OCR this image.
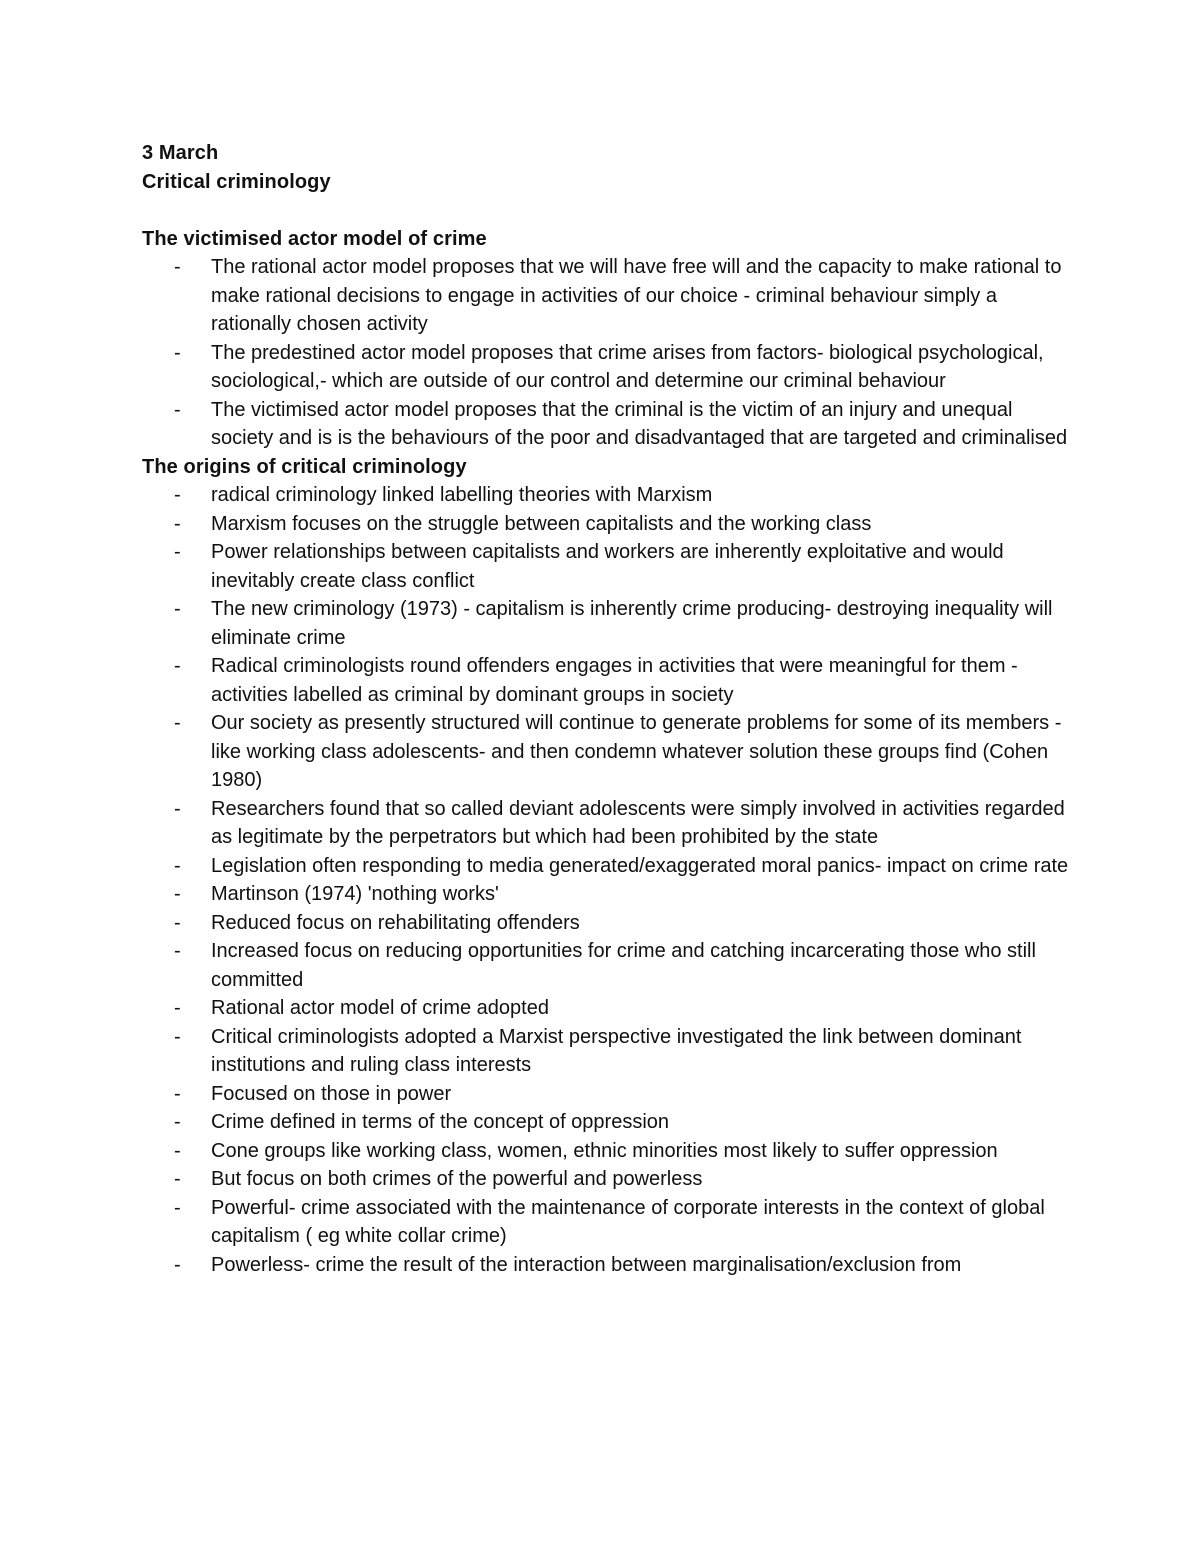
3 March

Critical criminology

The victimised actor model of crime

- The rational actor model proposes that we will have free will and the capacity to make rational to make rational decisions to engage in activities of our choice - criminal behaviour simply a rationally chosen activity
- The predestined actor model proposes that crime arises from factors- biological psychological, sociological,- which are outside of our control and determine our criminal behaviour
- The victimised actor model proposes that the criminal is the victim of an injury and unequal society and is is the behaviours of the poor and disadvantaged that are targeted and criminalised

The origins of critical criminology

- radical criminology linked labelling theories with Marxism
- Marxism focuses on the struggle between capitalists and the working class
- Power relationships between capitalists and workers are inherently exploitative and would inevitably create class conflict
- The new criminology (1973) - capitalism is inherently crime producing- destroying inequality will eliminate crime
- Radical criminologists round offenders engages in activities that were meaningful for them - activities labelled as criminal by dominant groups in society
- Our society as presently structured will continue to generate problems for some of its members - like working class adolescents- and then condemn whatever solution these groups find (Cohen 1980)
- Researchers found that so called deviant adolescents were simply involved in activities regarded as legitimate by the perpetrators but which had been prohibited by the state
- Legislation often responding to media generated/exaggerated moral panics- impact on crime rate
- Martinson (1974) 'nothing works'
- Reduced focus on rehabilitating offenders
- Increased focus on reducing opportunities for crime and catching incarcerating those who still committed
- Rational actor model of crime adopted
- Critical criminologists adopted a Marxist perspective investigated the link between dominant institutions and ruling class interests
- Focused on those in power
- Crime defined in terms of the concept of oppression
- Cone groups like working class, women, ethnic minorities most likely to suffer oppression
- But focus on both crimes of the powerful and powerless
- Powerful- crime associated with the maintenance of corporate interests in the context of global capitalism ( eg white collar crime)
- Powerless- crime the result of the interaction between marginalisation/exclusion from
